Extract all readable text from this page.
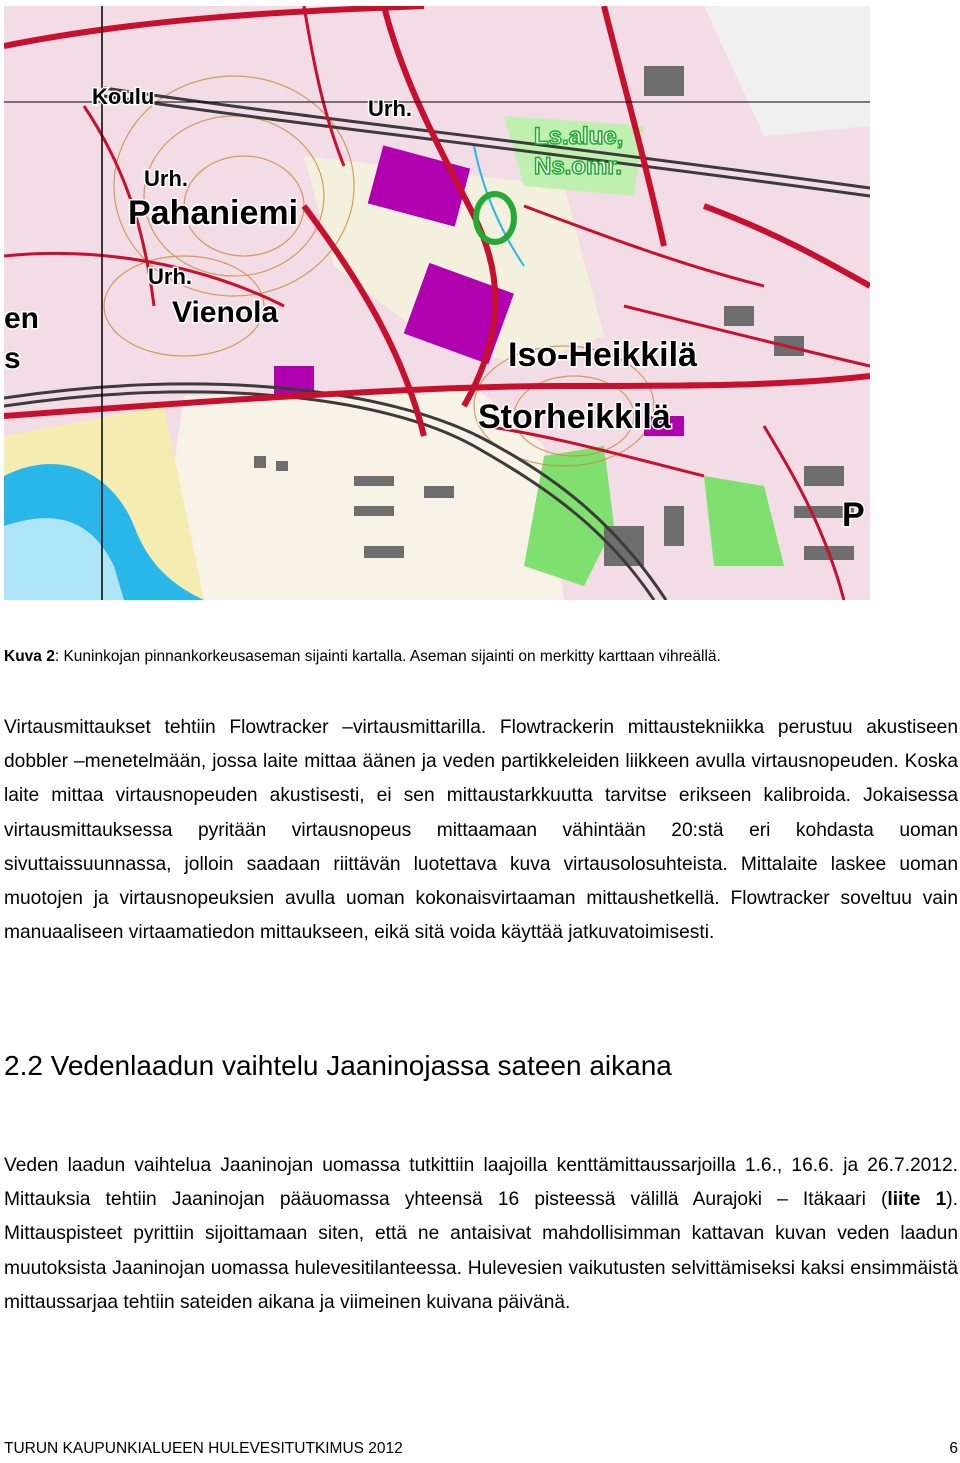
Koulu	Urh.
Urh.
Pahaniemi
Urh.
Vienola
Iso-Heikkilä
Storheikkilä
en
s
P
Ls.alue,
Ns.omr.
Kuva 2: Kuninkojan pinnankorkeusaseman sijainti kartalla. Aseman sijainti on merkitty karttaan vihreällä.

Virtausmittaukset tehtiin Flowtracker –virtausmittarilla. Flowtrackerin mittaustekniikka perustuu akustiseen dobbler –menetelmään, jossa laite mittaa äänen ja veden partikkeleiden liikkeen avulla virtausnopeuden. Koska laite mittaa virtausnopeuden akustisesti, ei sen mittaustarkkuutta tarvitse erikseen kalibroida. Jokaisessa virtausmittauksessa pyritään virtausnopeus mittaamaan vähintään 20:stä eri kohdasta uoman sivuttaissuunnassa, jolloin saadaan riittävän luotettava kuva virtausolosuhteista. Mittalaite laskee uoman muotojen ja virtausnopeuksien avulla uoman kokonaisvirtaaman mittaushetkellä. Flowtracker soveltuu vain manuaaliseen virtaamatiedon mittaukseen, eikä sitä voida käyttää jatkuvatoimisesti.

2.2 Vedenlaadun vaihtelu Jaaninojassa sateen aikana

Veden laadun vaihtelua Jaaninojan uomassa tutkittiin laajoilla kenttämittaussarjoilla 1.6., 16.6. ja 26.7.2012. Mittauksia tehtiin Jaaninojan pääuomassa yhteensä 16 pisteessä välillä Aurajoki – Itäkaari (liite 1). Mittauspisteet pyrittiin sijoittamaan siten, että ne antaisivat mahdollisimman kattavan kuvan veden laadun muutoksista Jaaninojan uomassa hulevesitilanteessa. Hulevesien vaikutusten selvittämiseksi kaksi ensimmäistä mittaussarjaa tehtiin sateiden aikana ja viimeinen kuivana päivänä.

TURUN KAUPUNKIALUEEN HULEVESITUTKIMUS 2012	6
